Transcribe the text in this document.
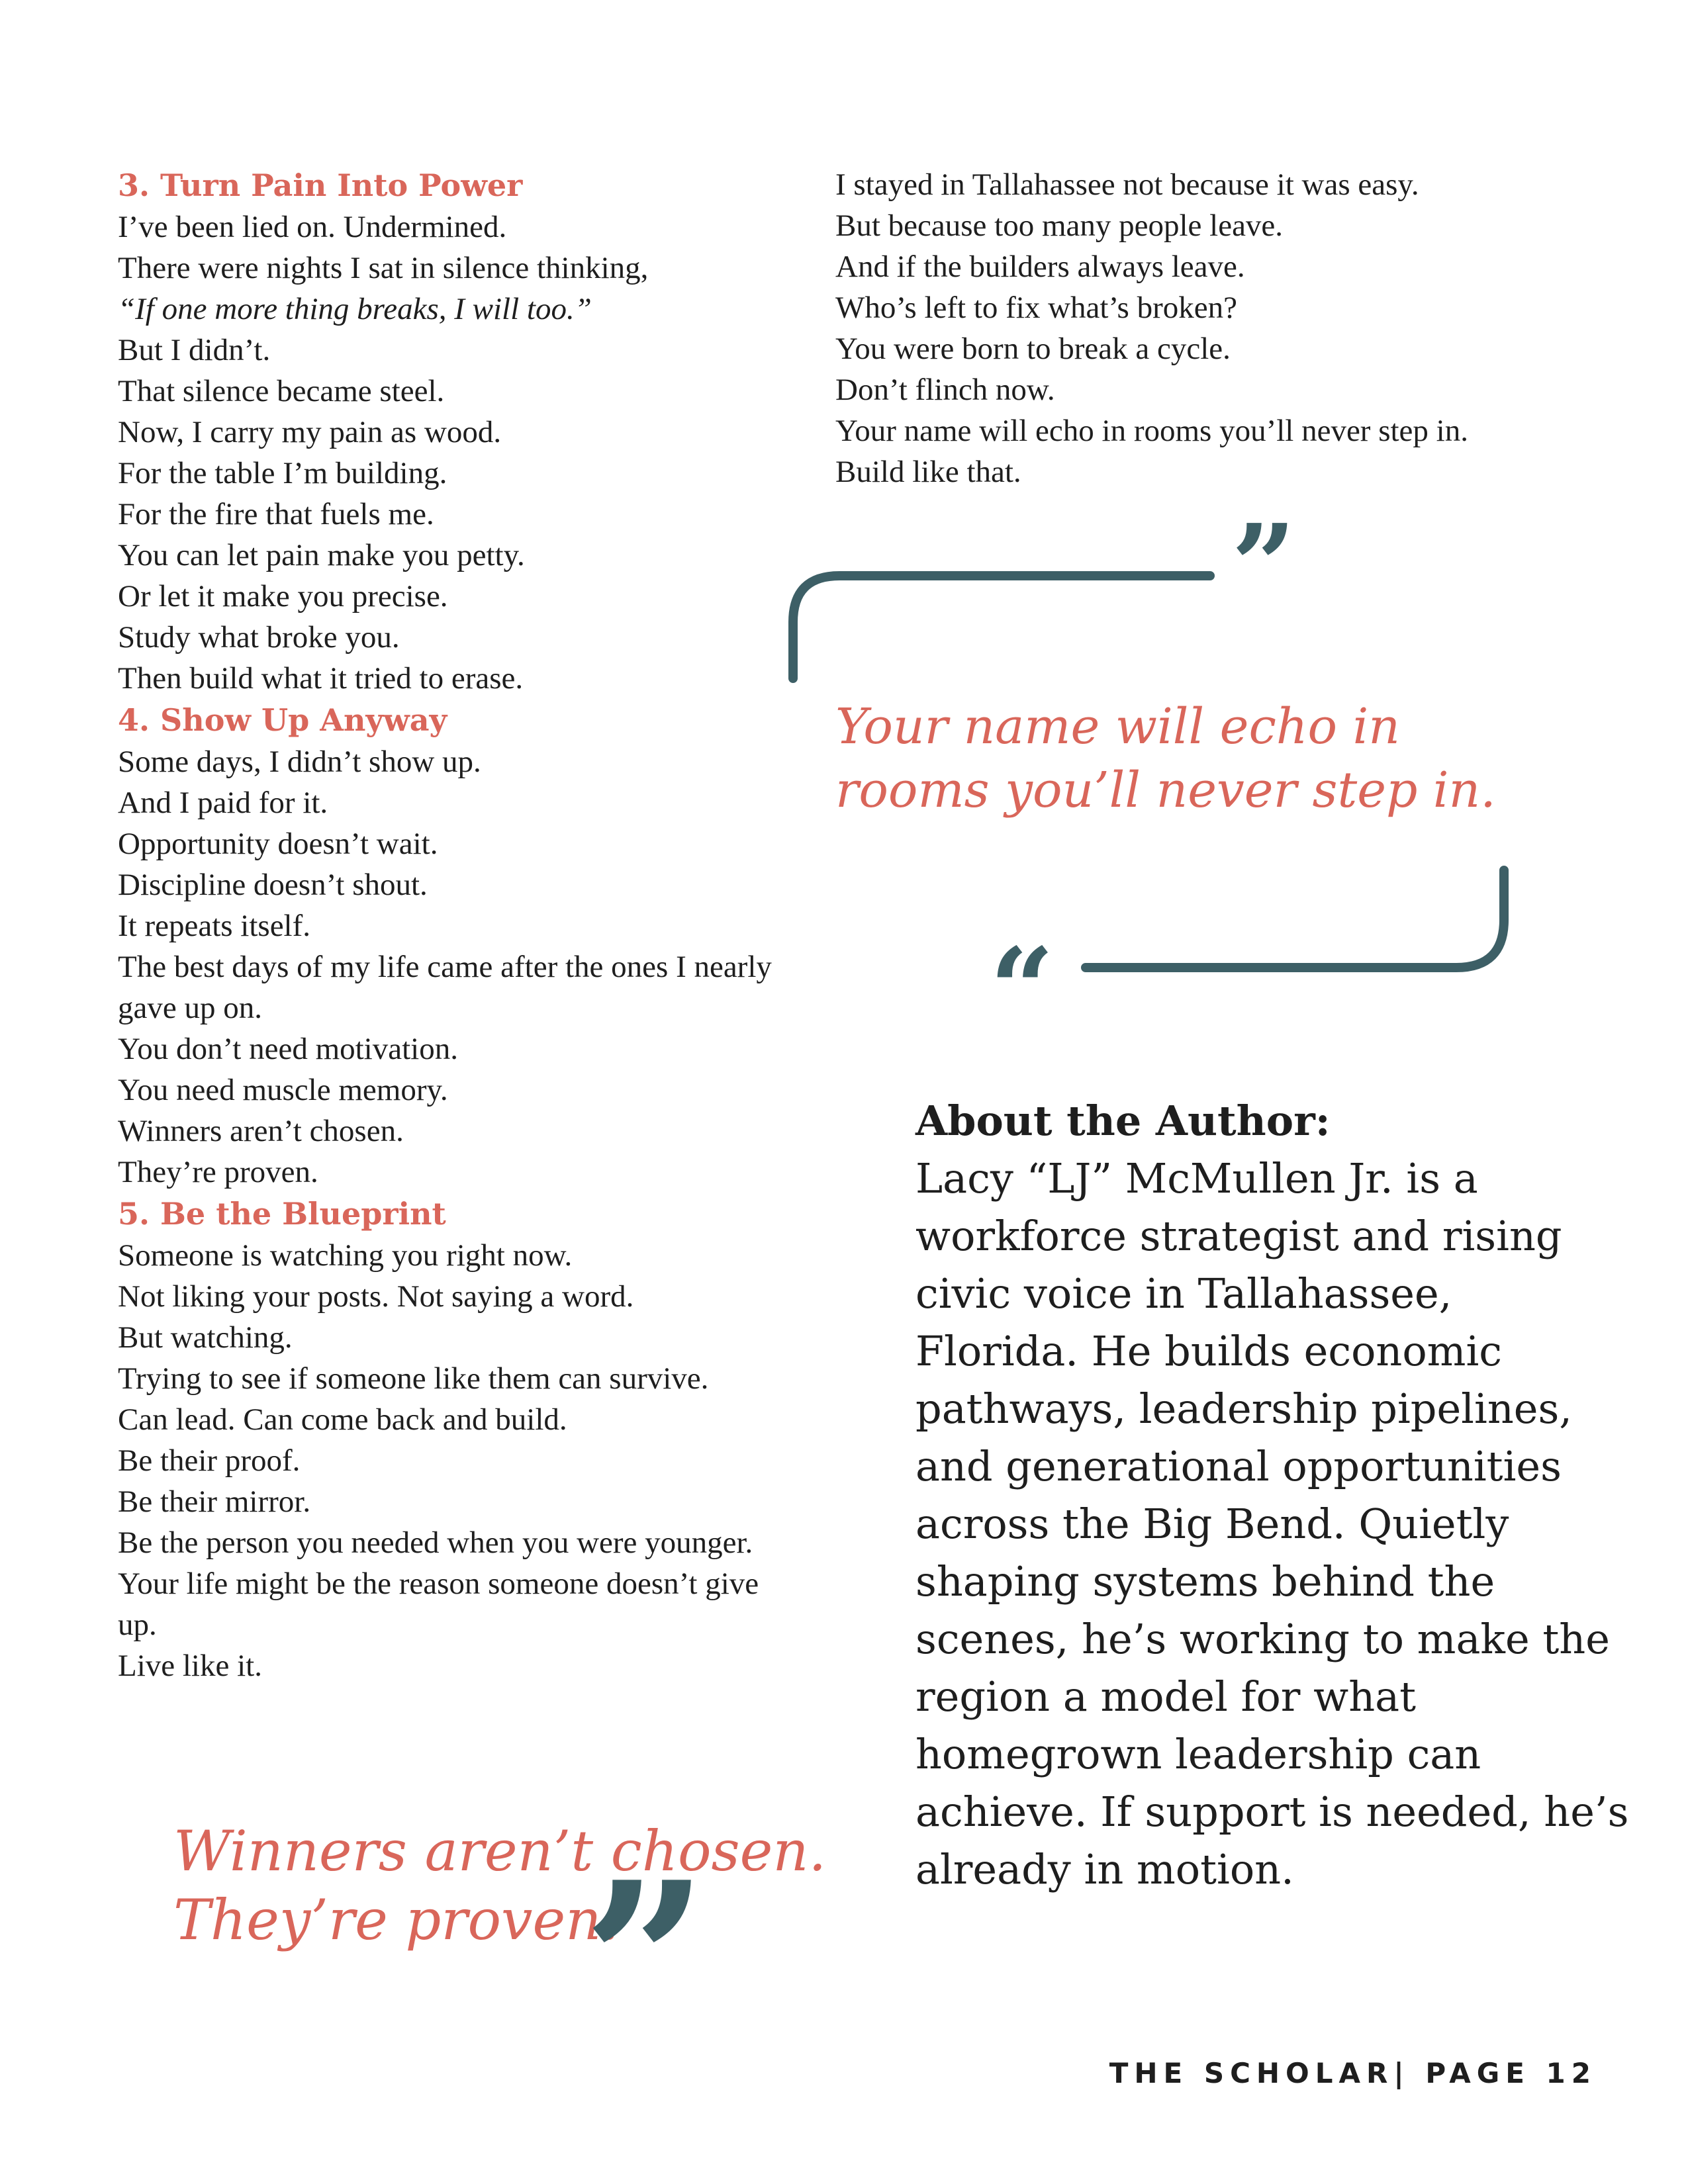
3. Turn Pain Into Power
I’ve been lied on. Undermined.
There were nights I sat in silence thinking,
“If one more thing breaks, I will too.”
But I didn’t.
That silence became steel.
Now, I carry my pain as wood.
For the table I’m building.
For the fire that fuels me.
You can let pain make you petty.
Or let it make you precise.
Study what broke you.
Then build what it tried to erase.
4. Show Up Anyway
Some days, I didn’t show up.
And I paid for it.
Opportunity doesn’t wait.
Discipline doesn’t shout.
It repeats itself.
The best days of my life came after the ones I nearly gave up on.
You don’t need motivation.
You need muscle memory.
Winners aren’t chosen.
They’re proven.
5. Be the Blueprint
Someone is watching you right now.
Not liking your posts. Not saying a word.
But watching.
Trying to see if someone like them can survive.
Can lead. Can come back and build.
Be their proof.
Be their mirror.
Be the person you needed when you were younger.
Your life might be the reason someone doesn’t give up.
Live like it.
Winners aren’t chosen.
They’re proven.
”
I stayed in Tallahassee not because it was easy.
But because too many people leave.
And if the builders always leave.
Who’s left to fix what’s broken?
You were born to break a cycle.
Don’t flinch now.
Your name will echo in rooms you’ll never step in.
Build like that.
”
“
Your name will echo in
rooms you’ll never step in.
About the Author:
Lacy “LJ” McMullen Jr. is a
workforce strategist and rising
civic voice in Tallahassee,
Florida. He builds economic
pathways, leadership pipelines,
and generational opportunities
across the Big Bend. Quietly
shaping systems behind the
scenes, he’s working to make the
region a model for what
homegrown leadership can
achieve. If support is needed, he’s
already in motion.
THE SCHOLAR| PAGE 12
